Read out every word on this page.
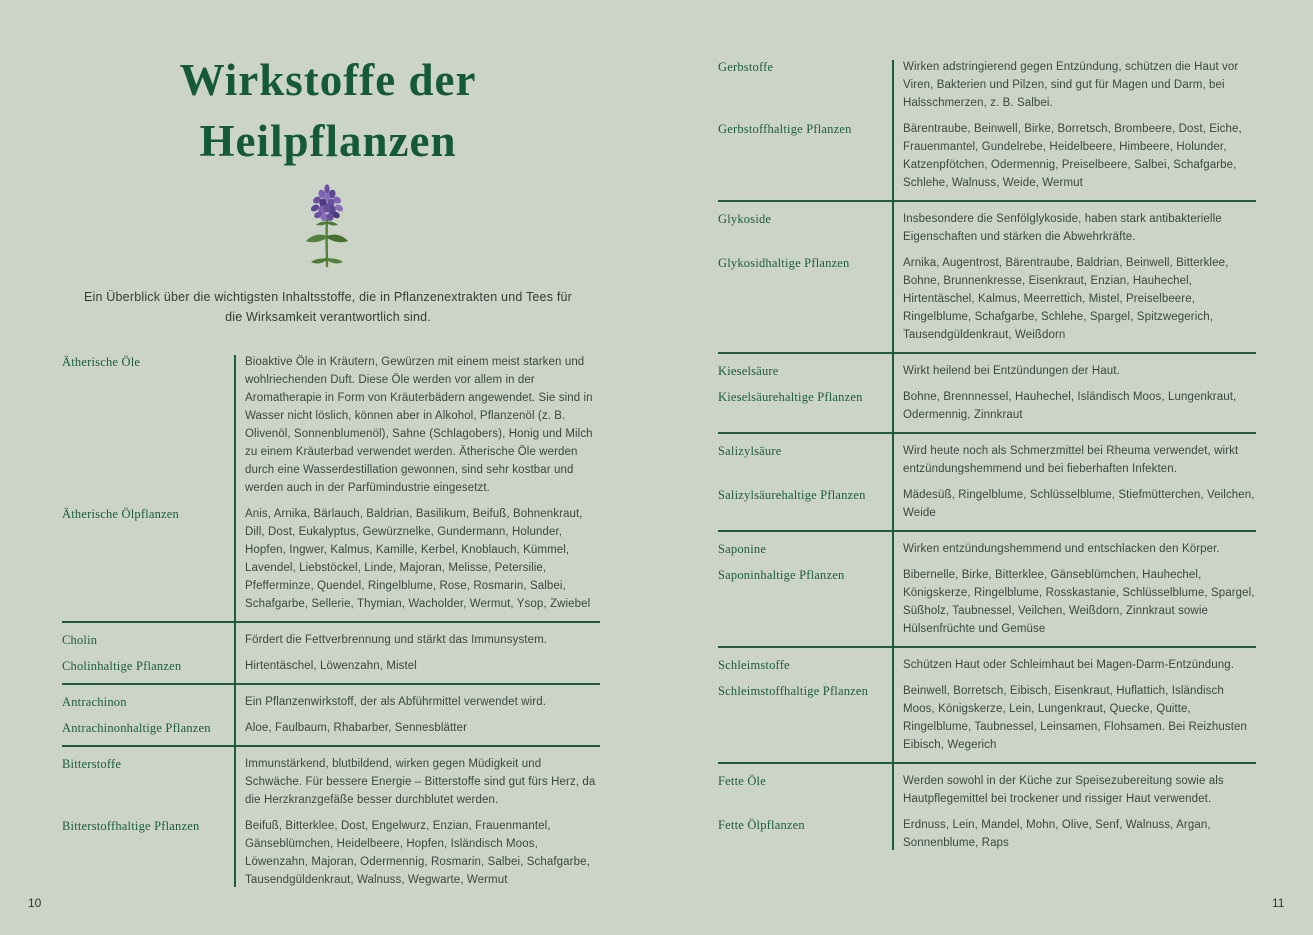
Wirkstoffe der
Heilpflanzen

Ein Überblick über die wichtigsten Inhaltsstoffe, die in Pflanzenextrakten und Tees für die Wirksamkeit verantwortlich sind.

Ätherische Öle	Bioaktive Öle in Kräutern, Gewürzen mit einem meist starken und wohlriechenden Duft. Diese Öle werden vor allem in der Aromatherapie in Form von Kräuterbädern angewendet. Sie sind in Wasser nicht löslich, können aber in Alkohol, Pflanzenöl (z. B. Olivenöl, Sonnenblumenöl), Sahne (Schlagobers), Honig und Milch zu einem Kräuterbad verwendet werden. Ätherische Öle werden durch eine Wasserdestillation gewonnen, sind sehr kostbar und werden auch in der Parfümindustrie eingesetzt.
Ätherische Ölpflanzen	Anis, Arnika, Bärlauch, Baldrian, Basilikum, Beifuß, Bohnenkraut, Dill, Dost, Eukalyptus, Gewürznelke, Gundermann, Holunder, Hopfen, Ingwer, Kalmus, Kamille, Kerbel, Knoblauch, Kümmel, Lavendel, Liebstöckel, Linde, Majoran, Melisse, Petersilie, Pfefferminze, Quendel, Ringelblume, Rose, Rosmarin, Salbei, Schafgarbe, Sellerie, Thymian, Wacholder, Wermut, Ysop, Zwiebel
Cholin	Fördert die Fettverbrennung und stärkt das Immunsystem.
Cholinhaltige Pflanzen	Hirtentäschel, Löwenzahn, Mistel
Antrachinon	Ein Pflanzenwirkstoff, der als Abführmittel verwendet wird.
Antrachinonhaltige Pflanzen	Aloe, Faulbaum, Rhabarber, Sennesblätter
Bitterstoffe	Immunstärkend, blutbildend, wirken gegen Müdigkeit und Schwäche. Für bessere Energie – Bitterstoffe sind gut fürs Herz, da die Herzkranzgefäße besser durchblutet werden.
Bitterstoffhaltige Pflanzen	Beifuß, Bitterklee, Dost, Engelwurz, Enzian, Frauenmantel, Gänseblümchen, Heidelbeere, Hopfen, Isländisch Moos, Löwenzahn, Majoran, Odermennig, Rosmarin, Salbei, Schafgarbe, Tausendgüldenkraut, Walnuss, Wegwarte, Wermut
10
Gerbstoffe	Wirken adstringierend gegen Entzündung, schützen die Haut vor Viren, Bakterien und Pilzen, sind gut für Magen und Darm, bei Halsschmerzen, z. B. Salbei.
Gerbstoffhaltige Pflanzen	Bärentraube, Beinwell, Birke, Borretsch, Brombeere, Dost, Eiche, Frauenmantel, Gundelrebe, Heidelbeere, Himbeere, Holunder, Katzenpfötchen, Odermennig, Preiselbeere, Salbei, Schafgarbe, Schlehe, Walnuss, Weide, Wermut
Glykoside	Insbesondere die Senfölglykoside, haben stark antibakterielle Eigenschaften und stärken die Abwehrkräfte.
Glykosidhaltige Pflanzen	Arnika, Augentrost, Bärentraube, Baldrian, Beinwell, Bitterklee, Bohne, Brunnenkresse, Eisenkraut, Enzian, Hauhechel, Hirtentäschel, Kalmus, Meerrettich, Mistel, Preiselbeere, Ringelblume, Schafgarbe, Schlehe, Spargel, Spitzwegerich, Tausendgüldenkraut, Weißdorn
Kieselsäure	Wirkt heilend bei Entzündungen der Haut.
Kieselsäurehaltige Pflanzen	Bohne, Brennnessel, Hauhechel, Isländisch Moos, Lungenkraut, Odermennig, Zinnkraut
Salizylsäure	Wird heute noch als Schmerzmittel bei Rheuma verwendet, wirkt entzündungshemmend und bei fieberhaften Infekten.
Salizylsäurehaltige Pflanzen	Mädesüß, Ringelblume, Schlüsselblume, Stiefmütterchen, Veilchen, Weide
Saponine	Wirken entzündungshemmend und entschlacken den Körper.
Saponinhaltige Pflanzen	Bibernelle, Birke, Bitterklee, Gänseblümchen, Hauhechel, Königskerze, Ringelblume, Rosskastanie, Schlüsselblume, Spargel, Süßholz, Taubnessel, Veilchen, Weißdorn, Zinnkraut sowie Hülsenfrüchte und Gemüse
Schleimstoffe	Schützen Haut oder Schleimhaut bei Magen-Darm-Entzündung.
Schleimstoffhaltige Pflanzen	Beinwell, Borretsch, Eibisch, Eisenkraut, Huflattich, Isländisch Moos, Königskerze, Lein, Lungenkraut, Quecke, Quitte, Ringelblume, Taubnessel, Leinsamen, Flohsamen. Bei Reizhusten Eibisch, Wegerich
Fette Öle	Werden sowohl in der Küche zur Speisezubereitung sowie als Hautpflegemittel bei trockener und rissiger Haut verwendet.
Fette Ölpflanzen	Erdnuss, Lein, Mandel, Mohn, Olive, Senf, Walnuss, Argan, Sonnenblume, Raps
11
